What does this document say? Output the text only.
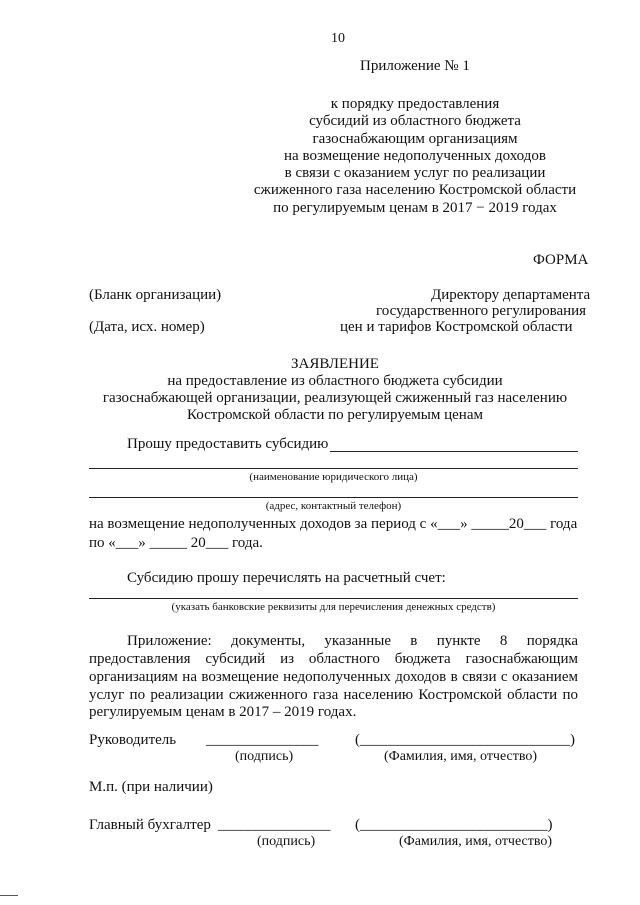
10
Приложение № 1
к порядку предоставления
субсидий из областного бюджета
газоснабжающим организациям
на возмещение недополученных доходов
в связи с оказанием услуг по реализации
сжиженного газа населению Костромской области
по регулируемым ценам в 2017 − 2019 годах
ФОРМА
(Бланк организации)
(Дата, исх. номер)
Директору департамента
государственного регулирования
цен и тарифов Костромской области
ЗАЯВЛЕНИЕ
на предоставление из областного бюджета субсидии
газоснабжающей организации, реализующей сжиженный газ населению
Костромской области по регулируемым ценам
Прошу предоставить субсидию
(наименование юридического лица)
(адрес, контактный телефон)
на возмещение недополученных доходов за период с «___» _____20___ года
по «___» _____ 20___ года.
Субсидию прошу перечислять на расчетный счет:
(указать банковские реквизиты для перечисления денежных средств)
Приложение: документы, указанные в пункте 8 порядка
предоставления субсидий из областного бюджета газоснабжающим
организациям на возмещение недополученных доходов в связи с оказанием
услуг по реализации сжиженного газа населению Костромской области по
регулируемым ценам в 2017 – 2019 годах.
Руководитель _______________ (____________________________)
(подпись)	(Фамилия, имя, отчество)
М.п. (при наличии)
Главный бухгалтер _______________ (_________________________)
(подпись)	(Фамилия, имя, отчество)
